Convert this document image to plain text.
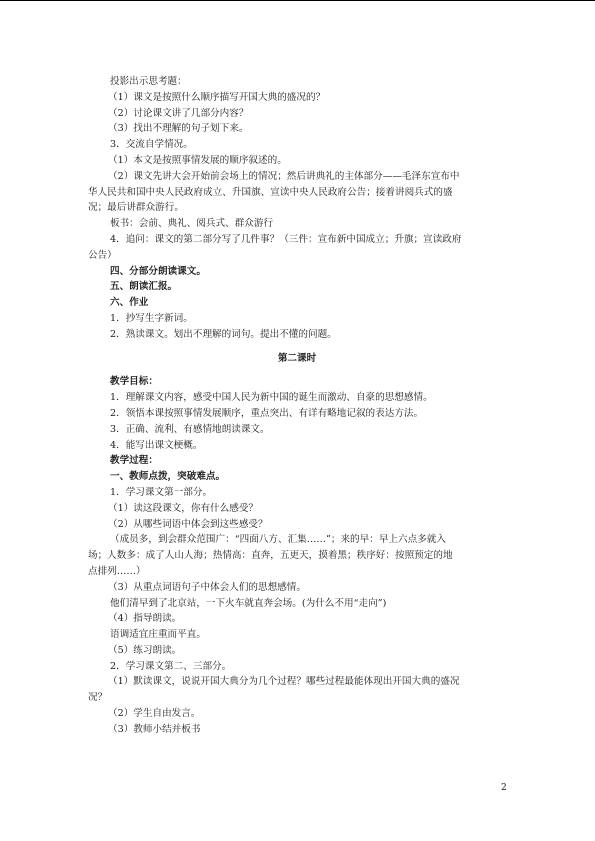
投影出示思考题：
（1）课文是按照什么顺序描写开国大典的盛况的？
（2）讨论课文讲了几部分内容？
（3）找出不理解的句子划下来。
3．交流自学情况。
（1）本文是按照事情发展的顺序叙述的。
（2）课文先讲大会开始前会场上的情况；然后讲典礼的主体部分——毛泽东宣布中
华人民共和国中央人民政府成立、升国旗、宣读中央人民政府公告；接着讲阅兵式的盛
况；最后讲群众游行。
板书：会前、典礼、阅兵式、群众游行
4．追问：课文的第二部分写了几件事？（三件：宣布新中国成立；升旗；宣读政府
公告）
四、分部分朗读课文。
五、朗读汇报。
六、作业
1．抄写生字新词。
2．熟读课文。划出不理解的词句。提出不懂的问题。
第二课时
教学目标：
1．理解课文内容，感受中国人民为新中国的诞生而激动、自豪的思想感情。
2．领悟本课按照事情发展顺序，重点突出、有详有略地记叙的表达方法。
3．正确、流利、有感情地朗读课文。
4．能写出课文梗概。
教学过程：
一、教师点拨，突破难点。
1．学习课文第一部分。
（1）读这段课文，你有什么感受？
（2）从哪些词语中体会到这些感受？
（成员多，到会群众范围广：“四面八方、汇集……”；来的早：早上六点多就入
场；人数多：成了人山人海；热情高：直奔，五更天，摸着黑；秩序好：按照预定的地
点排列……）
（3）从重点词语句子中体会人们的思想感情。
他们清早到了北京站，一下火车就直奔会场。(为什么不用“走向”)
（4）指导朗读。
语调适宜庄重而平直。
（5）练习朗读。
2．学习课文第二、三部分。
（1）默读课文，说说开国大典分为几个过程？哪些过程最能体现出开国大典的盛况
况？
（2）学生自由发言。
（3）教师小结并板书
2
